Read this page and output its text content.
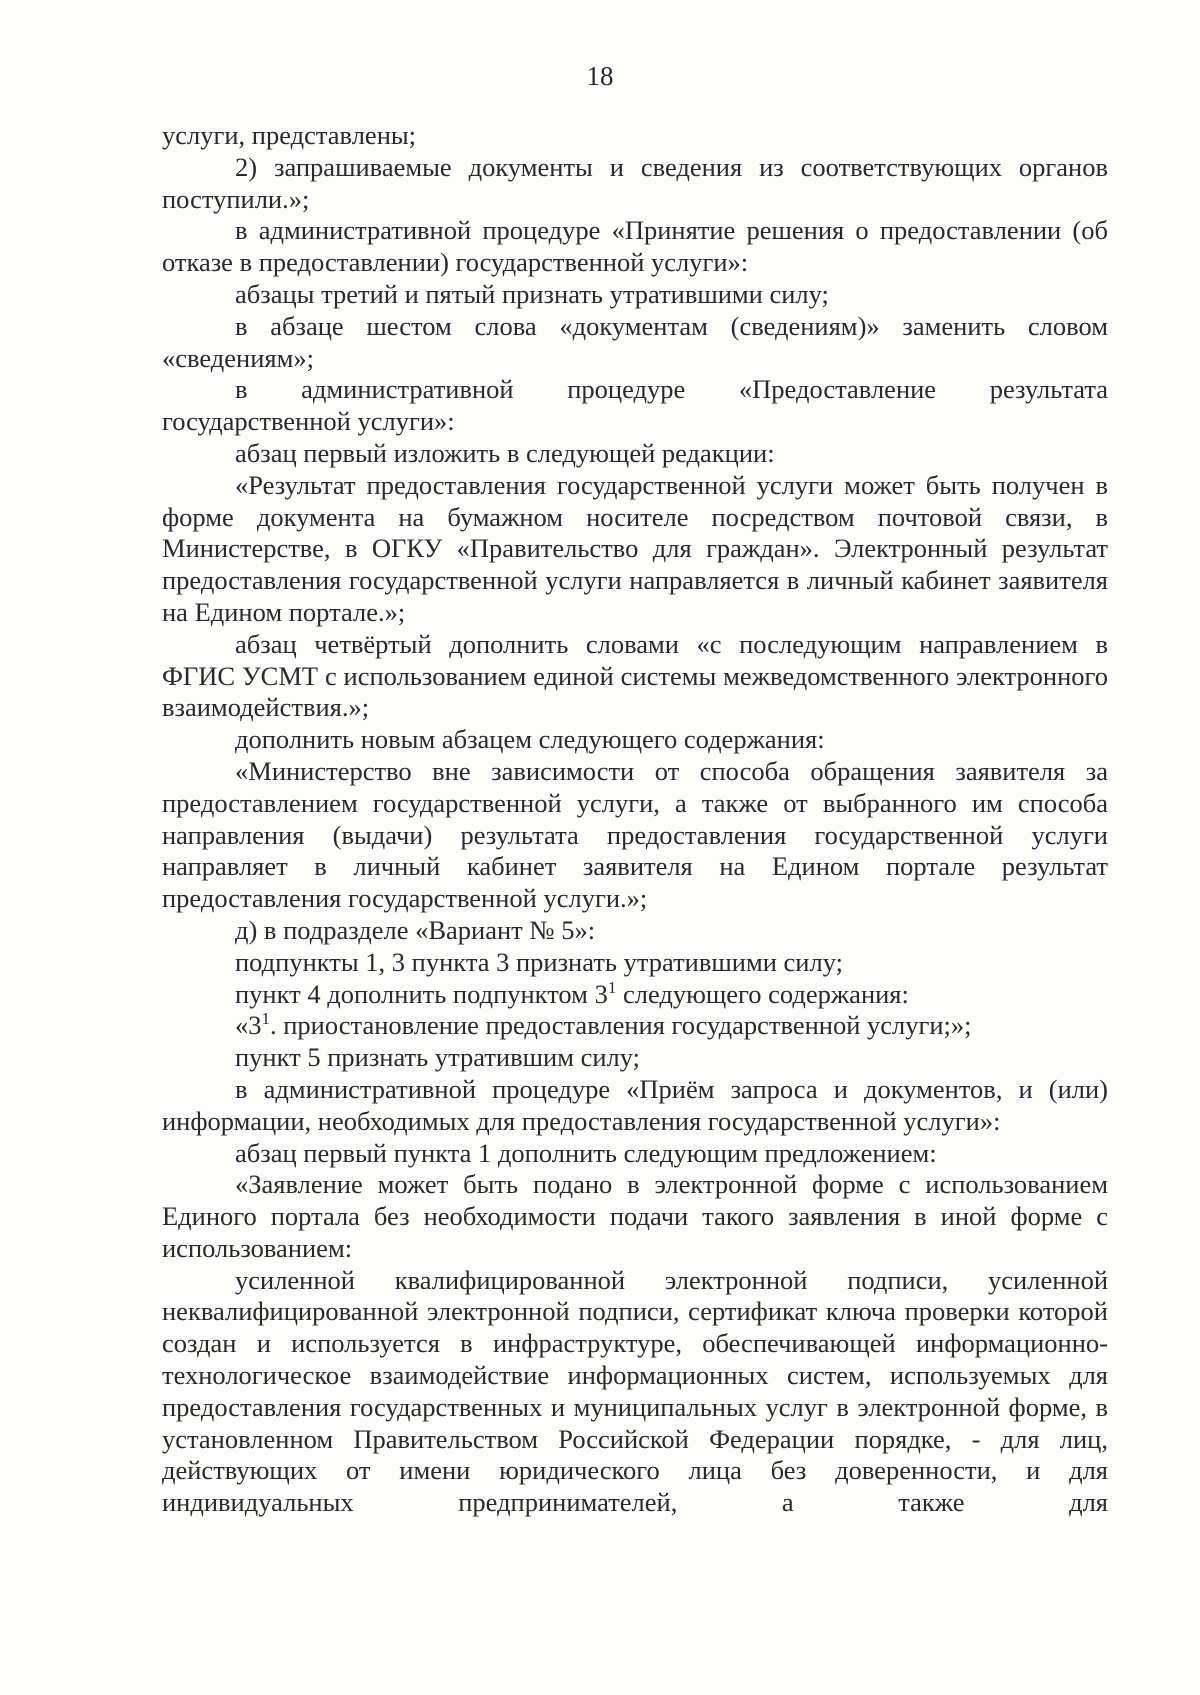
18

услуги, представлены;

2) запрашиваемые документы и сведения из соответствующих органов поступили.»;

в административной процедуре «Принятие решения о предоставлении (об отказе в предоставлении) государственной услуги»:

абзацы третий и пятый признать утратившими силу;

в абзаце шестом слова «документам (сведениям)» заменить словом «сведениям»;

в административной процедуре «Предоставление результата государственной услуги»:

абзац первый изложить в следующей редакции:

«Результат предоставления государственной услуги может быть получен в форме документа на бумажном носителе посредством почтовой связи, в Министерстве, в ОГКУ «Правительство для граждан». Электронный результат предоставления государственной услуги направляется в личный кабинет заявителя на Едином портале.»;

абзац четвёртый дополнить словами «с последующим направлением в ФГИС УСМТ с использованием единой системы межведомственного электронного взаимодействия.»;

дополнить новым абзацем следующего содержания:

«Министерство вне зависимости от способа обращения заявителя за предоставлением государственной услуги, а также от выбранного им способа направления (выдачи) результата предоставления государственной услуги направляет в личный кабинет заявителя на Едином портале результат предоставления государственной услуги.»;

д) в подразделе «Вариант № 5»:

подпункты 1, 3 пункта 3 признать утратившими силу;

пункт 4 дополнить подпунктом $3^1$ следующего содержания:

«$3^1$. приостановление предоставления государственной услуги;»;

пункт 5 признать утратившим силу;

в административной процедуре «Приём запроса и документов, и (или) информации, необходимых для предоставления государственной услуги»:

абзац первый пункта 1 дополнить следующим предложением:

«Заявление может быть подано в электронной форме с использованием Единого портала без необходимости подачи такого заявления в иной форме с использованием:

усиленной квалифицированной электронной подписи, усиленной неквалифицированной электронной подписи, сертификат ключа проверки которой создан и используется в инфраструктуре, обеспечивающей информационно-технологическое взаимодействие информационных систем, используемых для предоставления государственных и муниципальных услуг в электронной форме, в установленном Правительством Российской Федерации порядке, - для лиц, действующих от имени юридического лица без доверенности, и для индивидуальных предпринимателей, а также для
